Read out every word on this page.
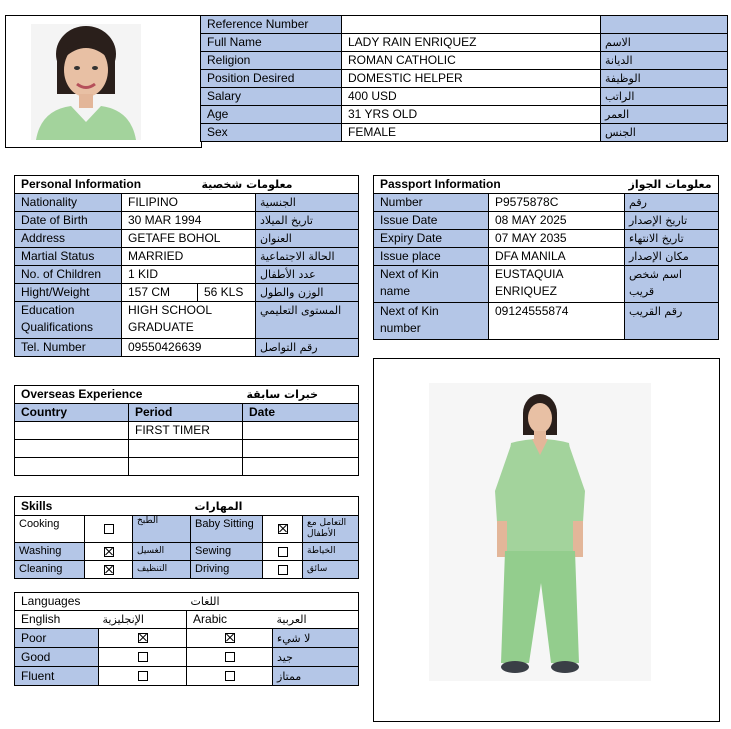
Reference Number		
Full Name	LADY RAIN ENRIQUEZ	الاسم
Religion	ROMAN CATHOLIC	الديانة
Position Desired	DOMESTIC HELPER	الوظيفة
Salary	400 USD	الراتب
Age	31 YRS OLD	العمر
Sex	FEMALE	الجنس
Personal Information		معلومات شخصية	
Nationality	FILIPINO		الجنسية
Date of Birth	30 MAR 1994		تاريخ الميلاد
Address	GETAFE BOHOL		العنوان
Martial Status	MARRIED		الحالة الاجتماعية
No. of Children	1 KID		عدد الأطفال
Hight/Weight	157 CM	56 KLS	الوزن والطول
Education
Qualifications	HIGH SCHOOL
GRADUATE		المستوى التعليمي
Tel. Number	09550426639		رقم التواصل
Passport Information		معلومات الجواز
Number	P9575878C	رقم
Issue Date	08 MAY 2025	تاريخ الإصدار
Expiry Date	07 MAY 2035	تاريخ الانتهاء
Issue place	DFA MANILA	مكان الإصدار
Next of Kin
name	EUSTAQUIA
ENRIQUEZ	اسم شخص
قريب
Next of Kin
number	09124555874	رقم القريب
Overseas Experience		خبرات سابقة
Country	Period	Date
	FIRST TIMER	

Skills			المهارات		
Cooking		الطبخ	Baby Sitting		التعامل مع الأطفال
Washing		الغسيل	Sewing		الخياطة
Cleaning		التنظيف	Driving		سائق
Languages		اللغات	
English	الإنجليزية	Arabic	العربية
Poor			لا شيء
Good			جيد
Fluent			ممتاز
